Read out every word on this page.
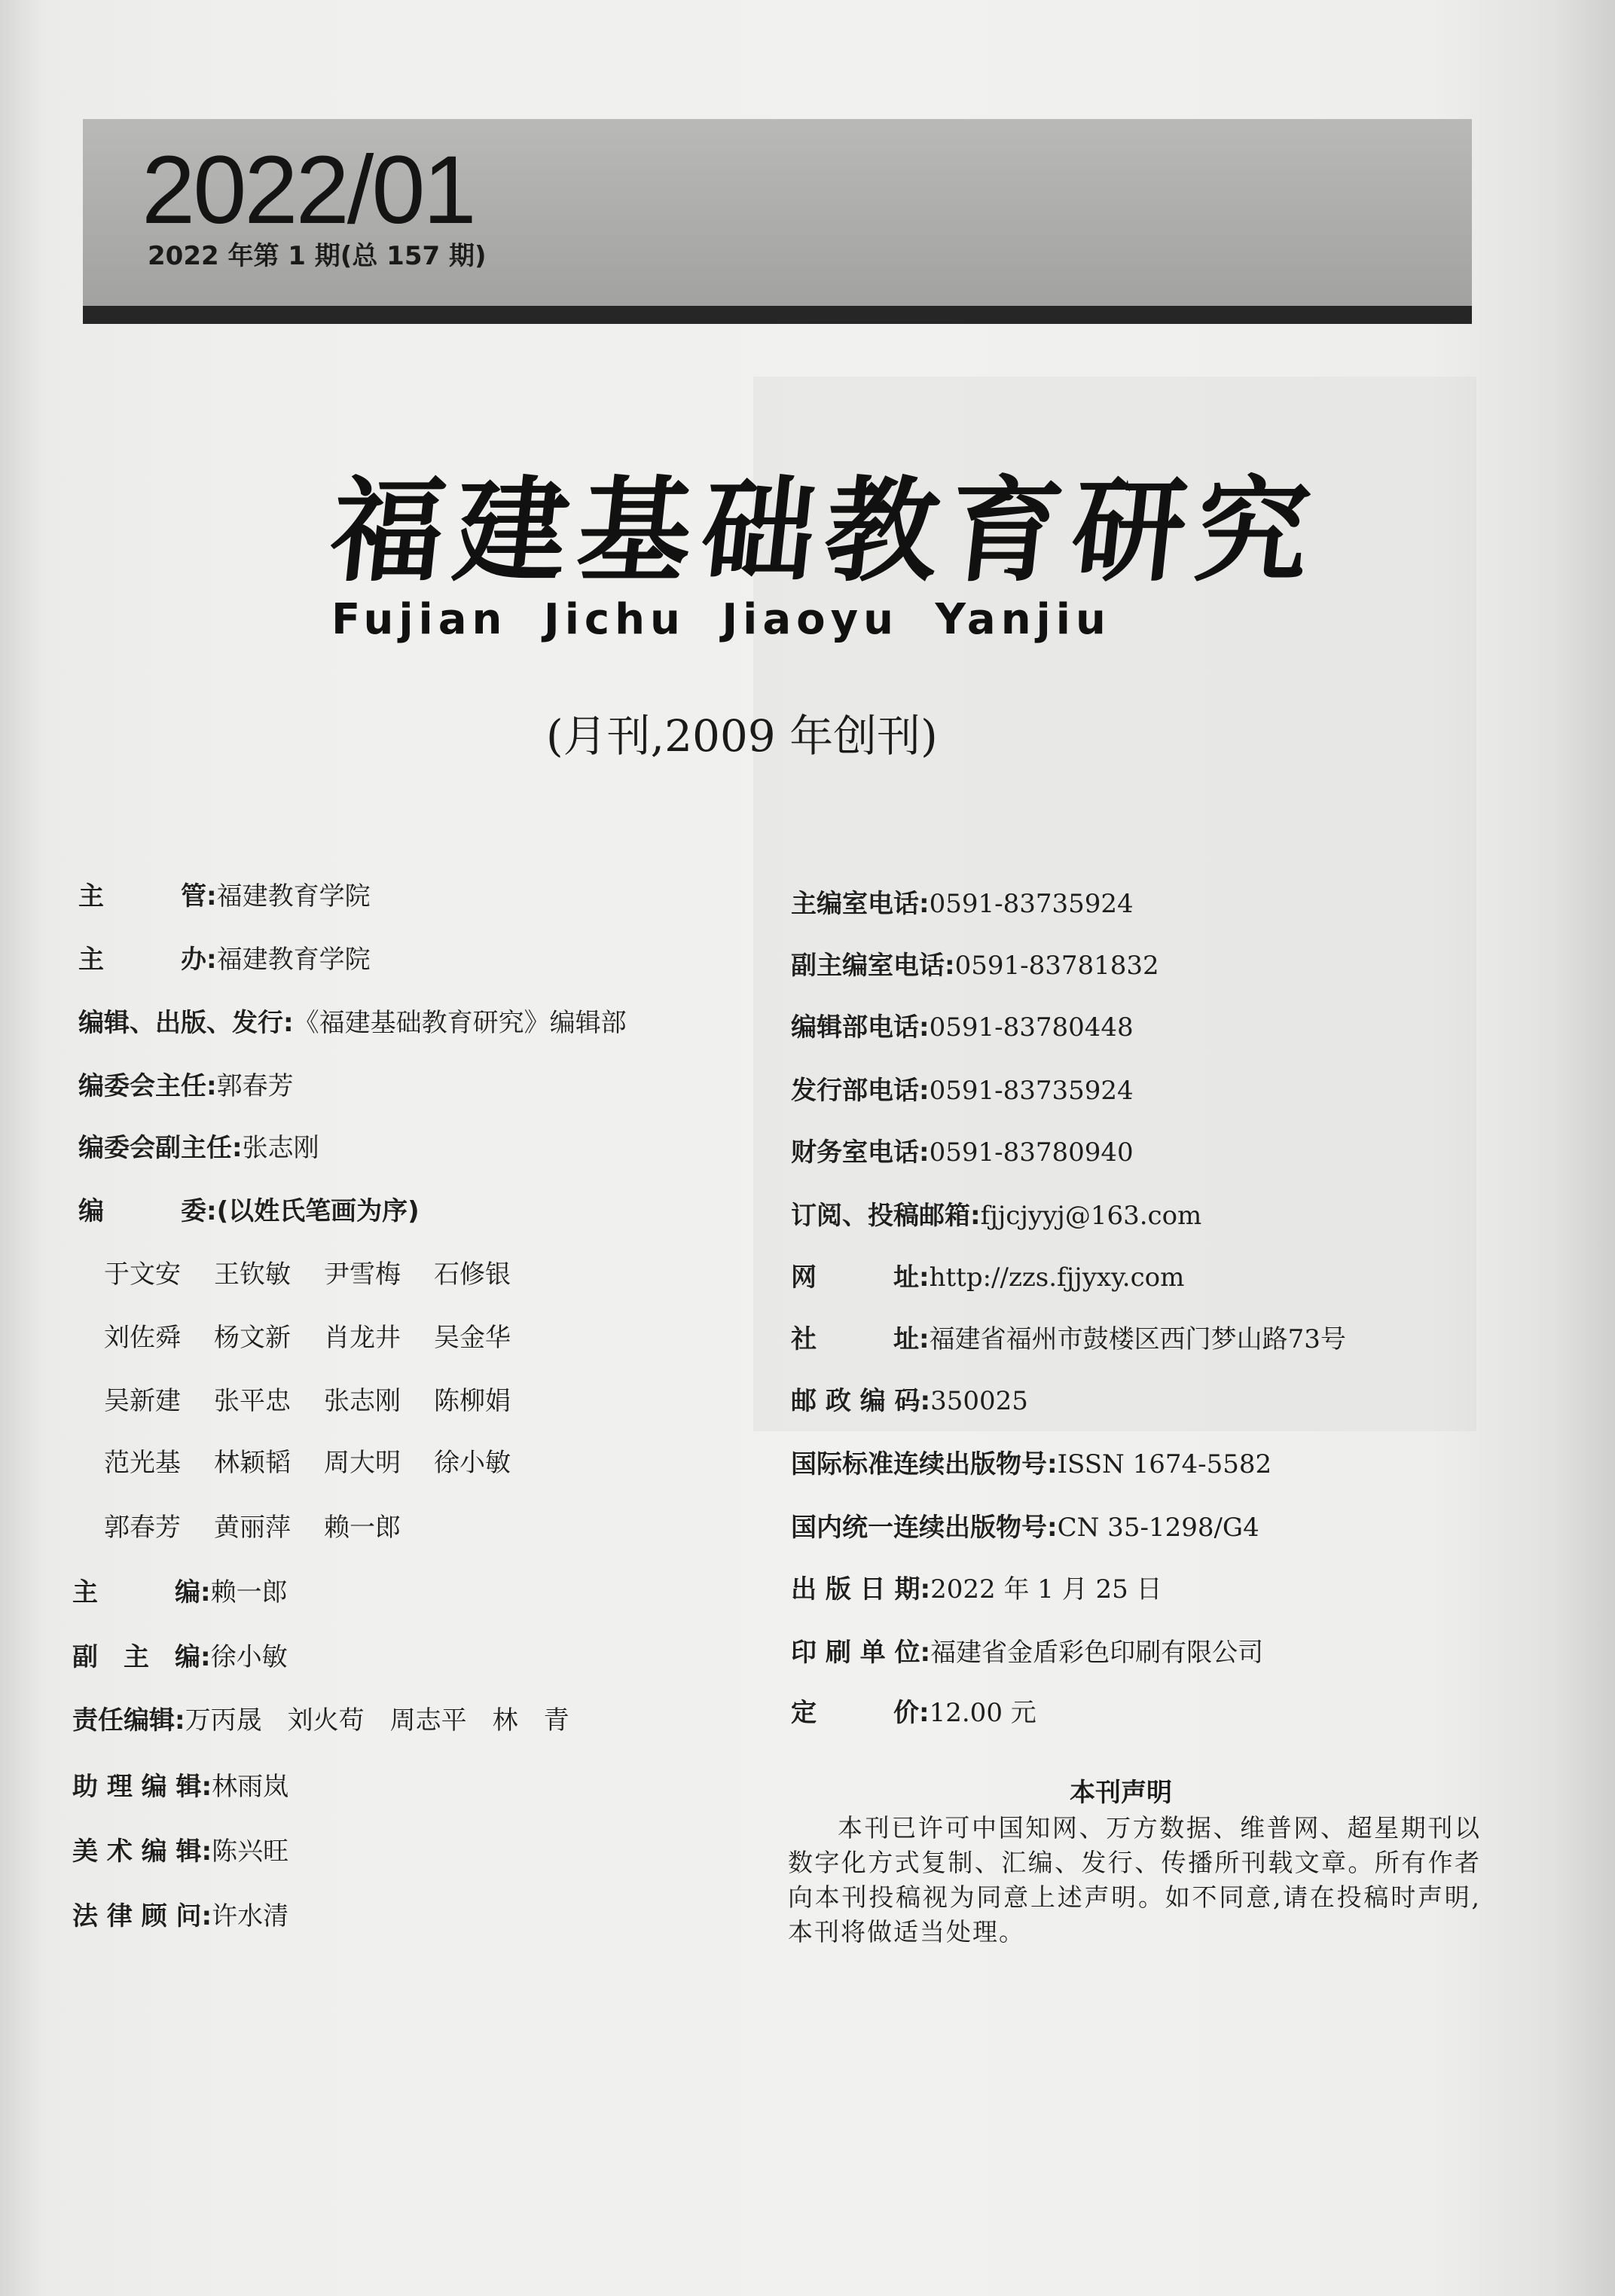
2022/01
2022 年第 1 期(总 157 期)
福建基础教育研究
Fujian Jichu Jiaoyu Yanjiu
(月刊,2009 年创刊)
主　　　管:福建教育学院
主　　　办:福建教育学院
编辑、出版、发行:《福建基础教育研究》编辑部
编委会主任:郭春芳
编委会副主任:张志刚
编　　　委:(以姓氏笔画为序)
于文安 王钦敏 尹雪梅 石修银
刘佐舜 杨文新 肖龙井 吴金华
吴新建 张平忠 张志刚 陈柳娟
范光基 林颖韬 周大明 徐小敏
郭春芳 黄丽萍 赖一郎
主　　　编:赖一郎
副　主　编:徐小敏
责任编辑:万丙晟　刘火苟　周志平　林　青
助 理 编 辑:林雨岚
美 术 编 辑:陈兴旺
法 律 顾 问:许水清
主编室电话:0591-83735924
副主编室电话:0591-83781832
编辑部电话:0591-83780448
发行部电话:0591-83735924
财务室电话:0591-83780940
订阅、投稿邮箱:fjjcjyyj@163.com
网　　　址:http://zzs.fjjyxy.com
社　　　址:福建省福州市鼓楼区西门梦山路73号
邮 政 编 码:350025
国际标准连续出版物号:ISSN 1674-5582
国内统一连续出版物号:CN 35-1298/G4
出 版 日 期:2022 年 1 月 25 日
印 刷 单 位:福建省金盾彩色印刷有限公司
定　　　价:12.00 元
本刊声明
本刊已许可中国知网、万方数据、维普网、超星期刊以数字化方式复制、汇编、发行、传播所刊载文章。所有作者向本刊投稿视为同意上述声明。如不同意,请在投稿时声明,本刊将做适当处理。
